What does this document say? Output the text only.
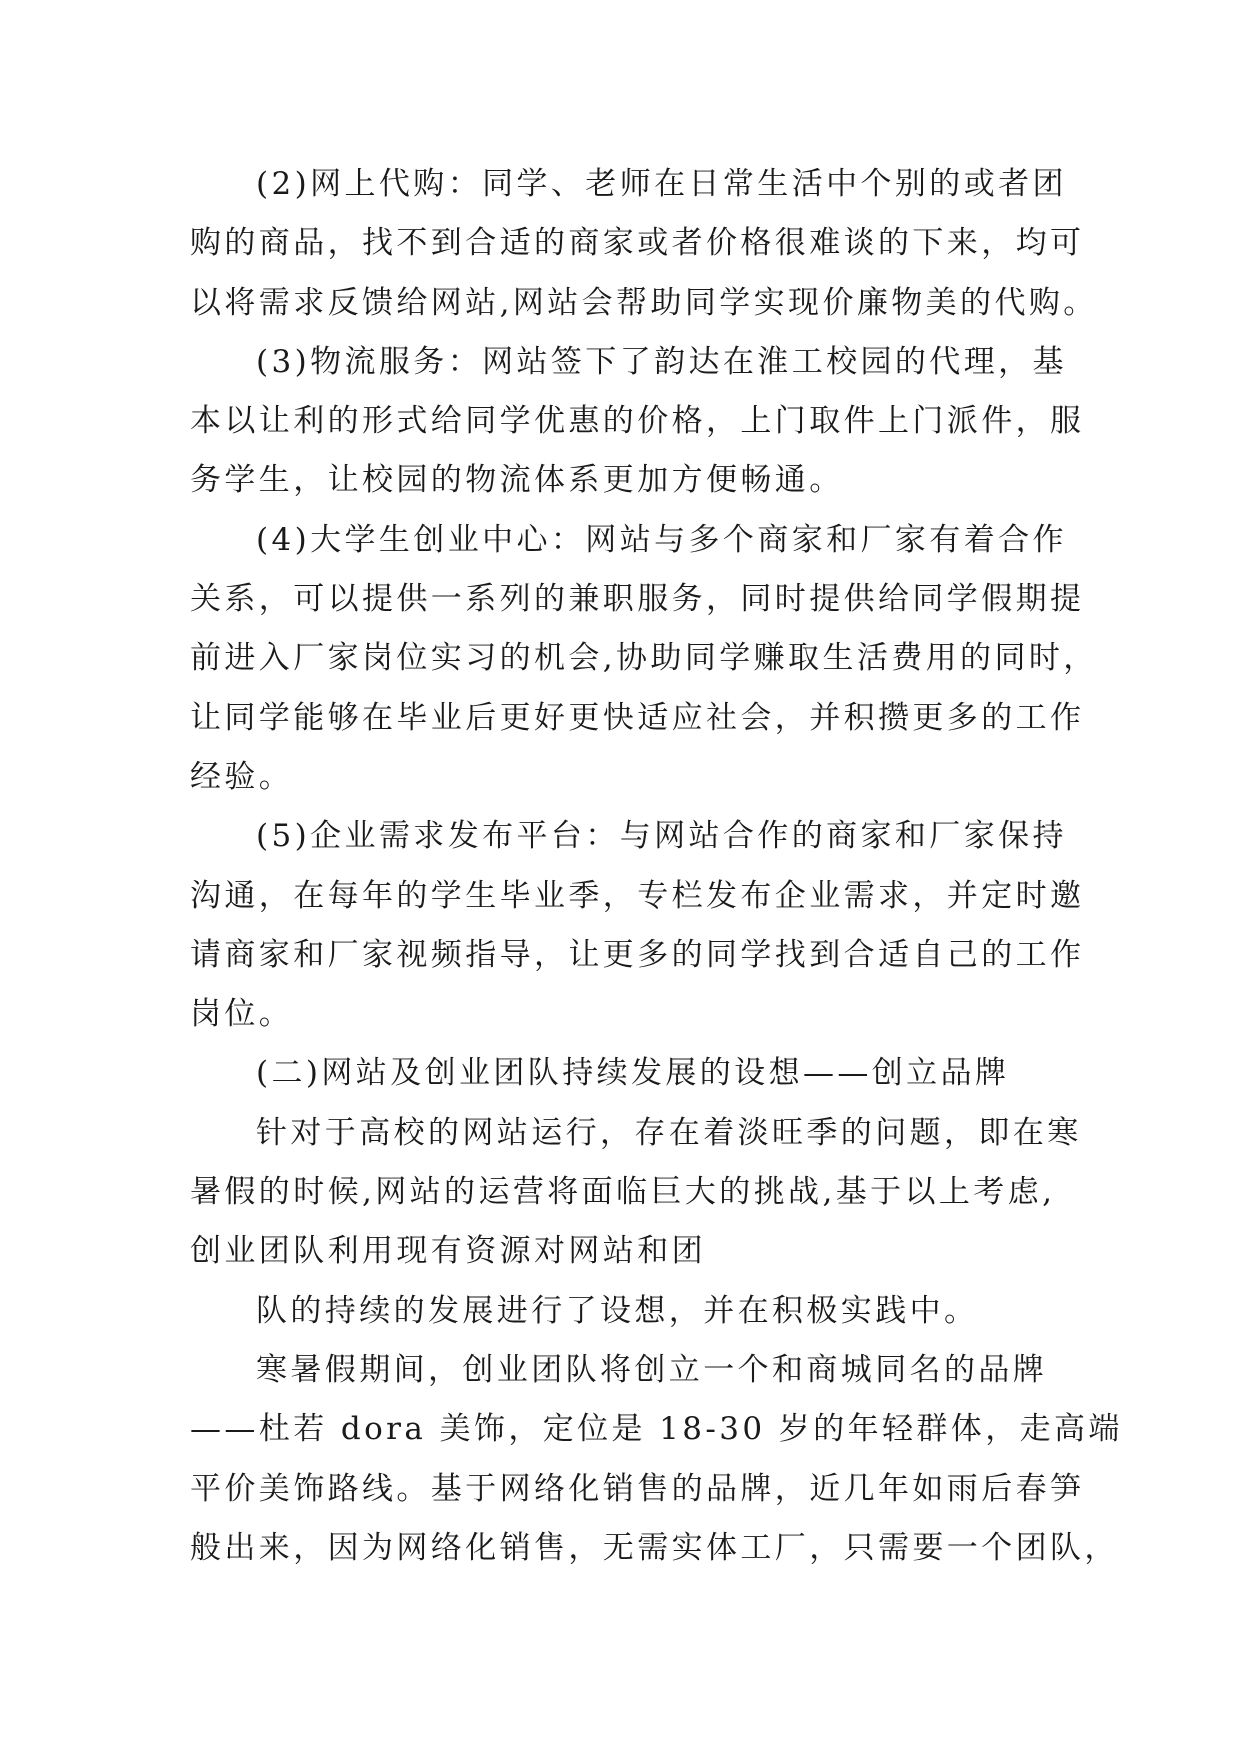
(2)网上代购：同学、老师在日常生活中个别的或者团
购的商品，找不到合适的商家或者价格很难谈的下来，均可
以将需求反馈给网站,网站会帮助同学实现价廉物美的代购。
(3)物流服务：网站签下了韵达在淮工校园的代理，基
本以让利的形式给同学优惠的价格，上门取件上门派件，服
务学生，让校园的物流体系更加方便畅通。
(4)大学生创业中心：网站与多个商家和厂家有着合作
关系，可以提供一系列的兼职服务，同时提供给同学假期提
前进入厂家岗位实习的机会,协助同学赚取生活费用的同时，
让同学能够在毕业后更好更快适应社会，并积攒更多的工作
经验。
(5)企业需求发布平台：与网站合作的商家和厂家保持
沟通，在每年的学生毕业季，专栏发布企业需求，并定时邀
请商家和厂家视频指导，让更多的同学找到合适自己的工作
岗位。
(二)网站及创业团队持续发展的设想——创立品牌
针对于高校的网站运行，存在着淡旺季的问题，即在寒
暑假的时候,网站的运营将面临巨大的挑战,基于以上考虑,
创业团队利用现有资源对网站和团
队的持续的发展进行了设想，并在积极实践中。
寒暑假期间，创业团队将创立一个和商城同名的品牌
——杜若 dora 美饰，定位是 18-30 岁的年轻群体，走高端
平价美饰路线。基于网络化销售的品牌，近几年如雨后春笋
般出来，因为网络化销售，无需实体工厂，只需要一个团队，
